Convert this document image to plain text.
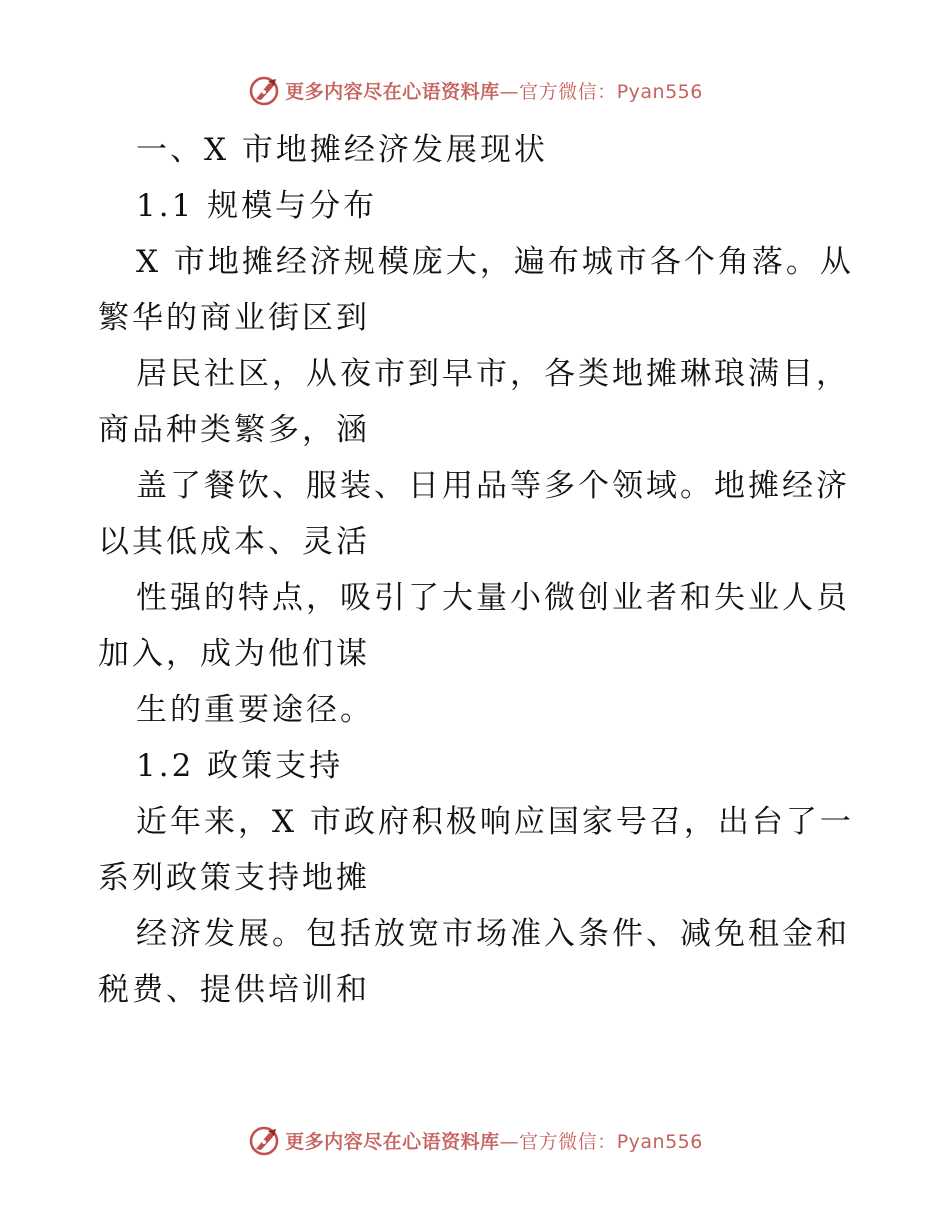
更多内容尽在心语资料库—官方微信：Pyan556
一、X 市地摊经济发展现状
1.1 规模与分布
X 市地摊经济规模庞大，遍布城市各个角落。从
繁华的商业街区到
居民社区，从夜市到早市，各类地摊琳琅满目，
商品种类繁多，涵
盖了餐饮、服装、日用品等多个领域。地摊经济
以其低成本、灵活
性强的特点，吸引了大量小微创业者和失业人员
加入，成为他们谋
生的重要途径。
1.2 政策支持
近年来，X 市政府积极响应国家号召，出台了一
系列政策支持地摊
经济发展。包括放宽市场准入条件、减免租金和
税费、提供培训和
更多内容尽在心语资料库—官方微信：Pyan556
